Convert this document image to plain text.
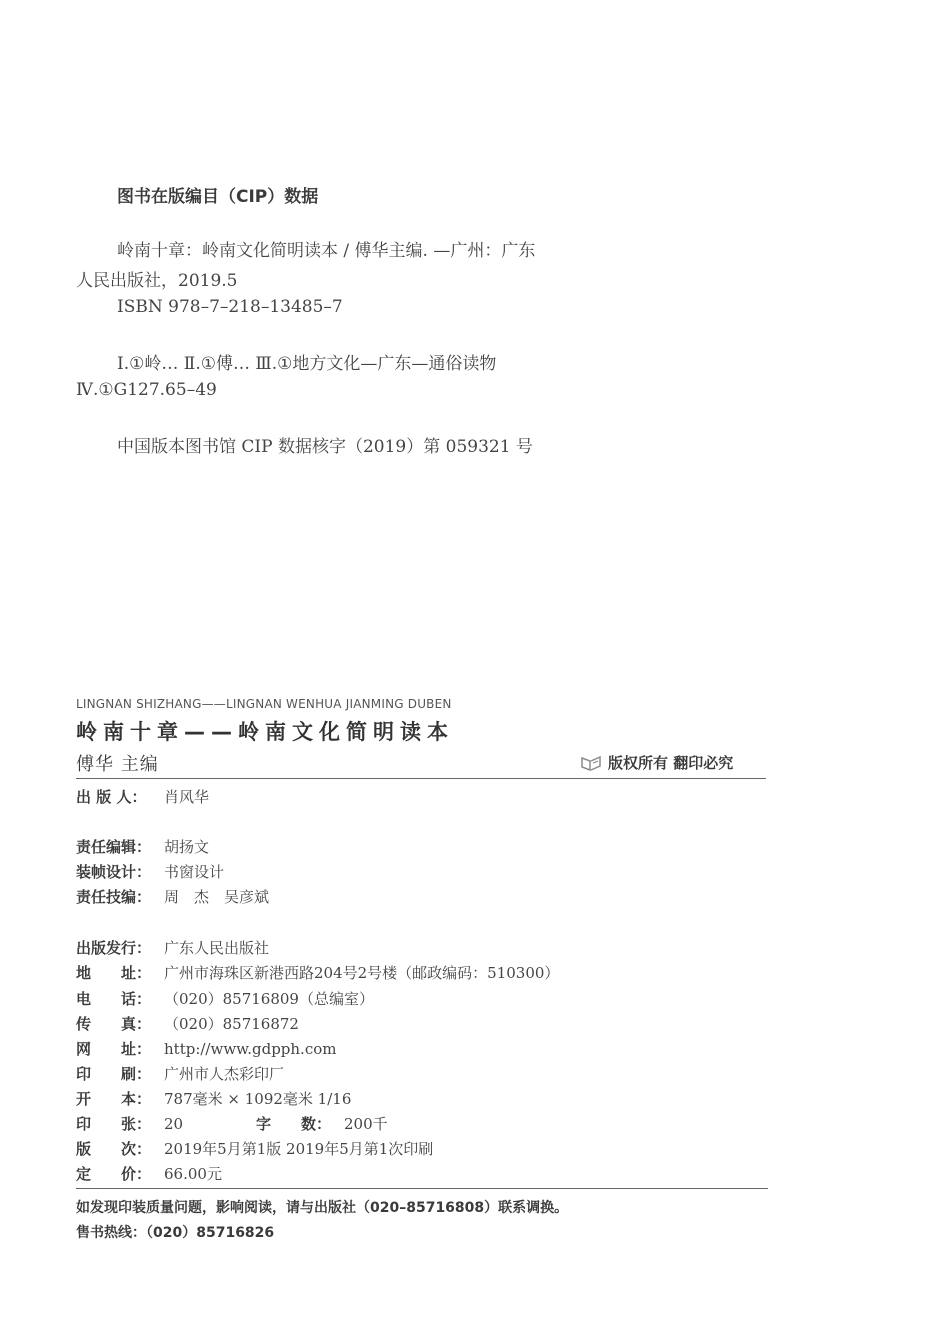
图书在版编目（CIP）数据
岭南十章：岭南文化简明读本 / 傅华主编. —广州：广东
人民出版社，2019.5
ISBN 978–7–218–13485–7
Ⅰ.①岭… Ⅱ.①傅… Ⅲ.①地方文化—广东—通俗读物
Ⅳ.①G127.65–49
中国版本图书馆 CIP 数据核字（2019）第 059321 号
LINGNAN SHIZHANG——LINGNAN WENHUA JIANMING DUBEN
岭南十章——岭南文化简明读本
傅华 主编	版权所有 翻印必究
出 版 人：	肖风华
责任编辑： 胡扬文
装帧设计： 书窗设计
责任技编： 周　杰　吴彦斌
出版发行： 广东人民出版社
地　　址： 广州市海珠区新港西路204号2号楼（邮政编码：510300）
电　　话： （020）85716809（总编室）
传　　真： （020）85716872
网　　址： http://www.gdpph.com
印　　刷： 广州市人杰彩印厂
开　　本： 787毫米 × 1092毫米 1/16
印　　张： 20	字　　数： 200千
版　　次： 2019年5月第1版 2019年5月第1次印刷
定　　价： 66.00元
如发现印装质量问题，影响阅读，请与出版社（020–85716808）联系调换。
售书热线：（020）85716826
